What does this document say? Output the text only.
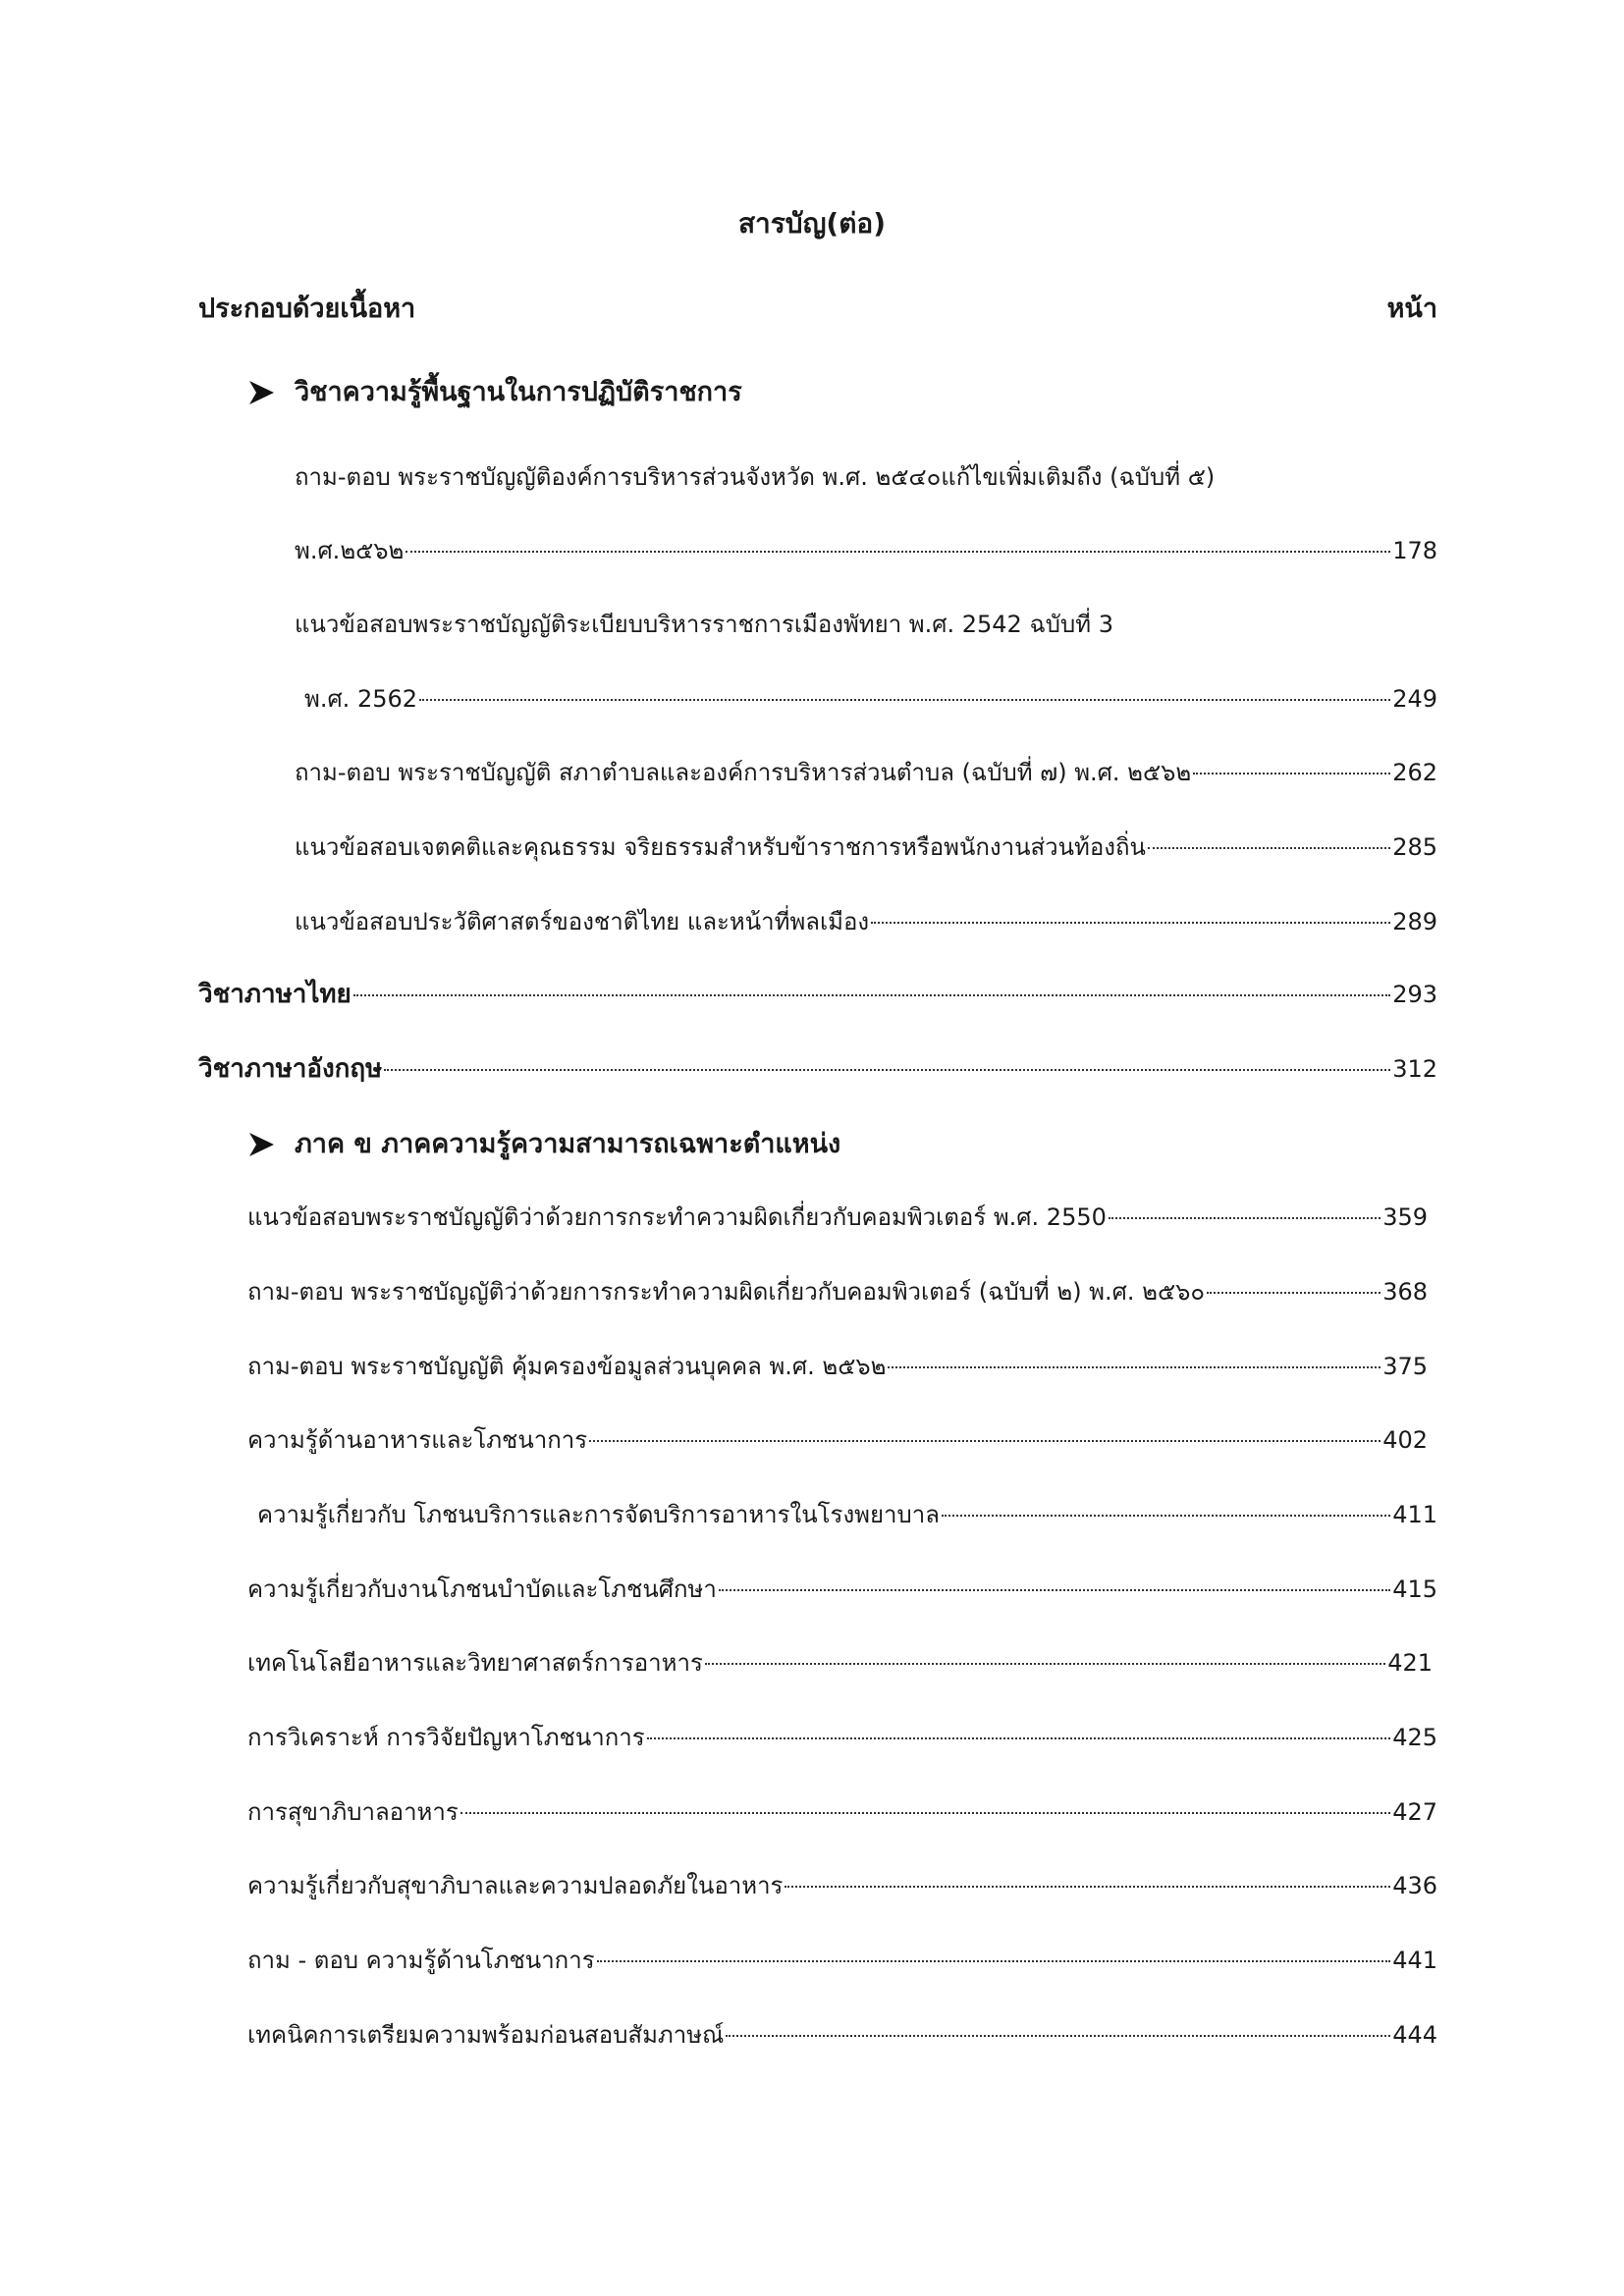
สารบัญ(ต่อ)
ประกอบด้วยเนื้อหา	หน้า
วิชาความรู้พื้นฐานในการปฏิบัติราชการ
ถาม-ตอบ พระราชบัญญัติองค์การบริหารส่วนจังหวัด พ.ศ. ๒๕๔๐แก้ไขเพิ่มเติมถึง (ฉบับที่ ๕)
พ.ศ.๒๕๖๒	178
แนวข้อสอบพระราชบัญญัติระเบียบบริหารราชการเมืองพัทยา พ.ศ. 2542 ฉบับที่ 3
พ.ศ. 2562	249
ถาม-ตอบ พระราชบัญญัติ สภาตำบลและองค์การบริหารส่วนตำบล (ฉบับที่ ๗) พ.ศ. ๒๕๖๒	262
แนวข้อสอบเจตคติและคุณธรรม จริยธรรมสำหรับข้าราชการหรือพนักงานส่วนท้องถิ่น	285
แนวข้อสอบประวัติศาสตร์ของชาติไทย และหน้าที่พลเมือง	289
วิชาภาษาไทย	293
วิชาภาษาอังกฤษ	312
ภาค ข ภาคความรู้ความสามารถเฉพาะตำแหน่ง
แนวข้อสอบพระราชบัญญัติว่าด้วยการกระทำความผิดเกี่ยวกับคอมพิวเตอร์ พ.ศ. 2550	359
ถาม-ตอบ พระราชบัญญัติว่าด้วยการกระทำความผิดเกี่ยวกับคอมพิวเตอร์ (ฉบับที่ ๒) พ.ศ. ๒๕๖๐	368
ถาม-ตอบ พระราชบัญญัติ คุ้มครองข้อมูลส่วนบุคคล พ.ศ. ๒๕๖๒	375
ความรู้ด้านอาหารและโภชนาการ	402
ความรู้เกี่ยวกับ โภชนบริการและการจัดบริการอาหารในโรงพยาบาล	411
ความรู้เกี่ยวกับงานโภชนบำบัดและโภชนศึกษา	415
เทคโนโลยีอาหารและวิทยาศาสตร์การอาหาร	421
การวิเคราะห์ การวิจัยปัญหาโภชนาการ	425
การสุขาภิบาลอาหาร	427
ความรู้เกี่ยวกับสุขาภิบาลและความปลอดภัยในอาหาร	436
ถาม - ตอบ ความรู้ด้านโภชนาการ	441
เทคนิคการเตรียมความพร้อมก่อนสอบสัมภาษณ์	444
